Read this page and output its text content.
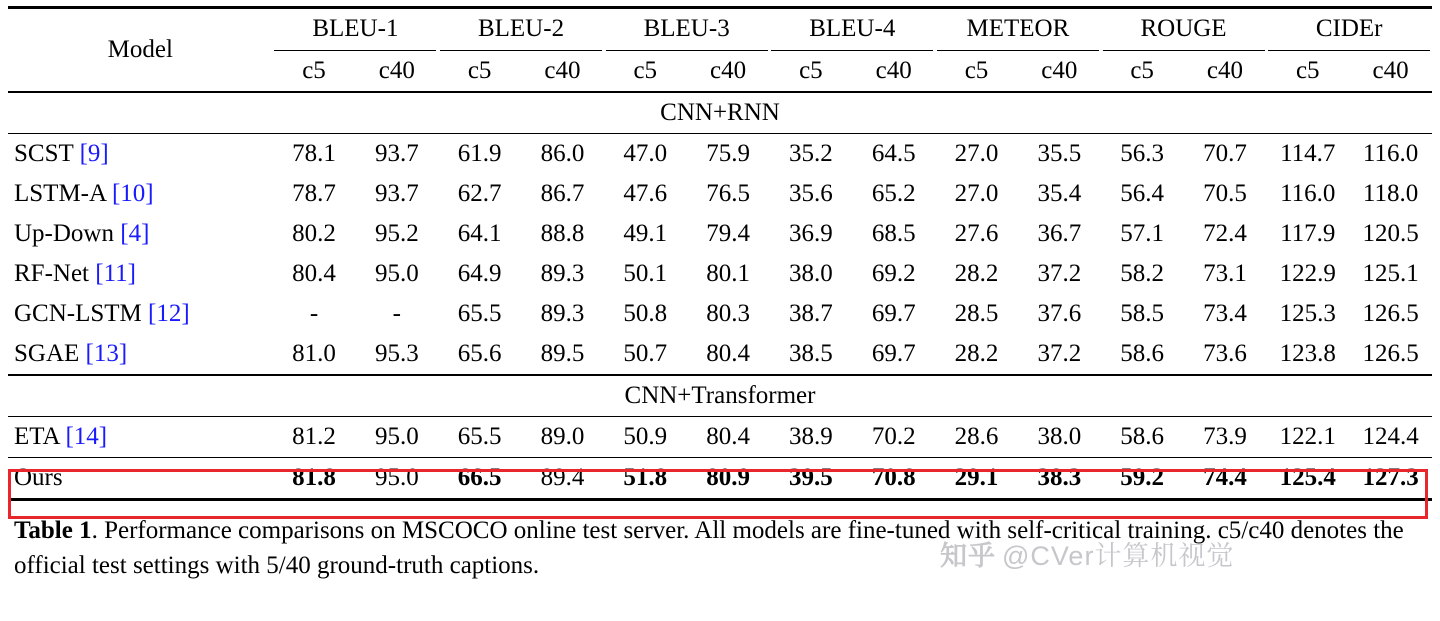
Model	BLEU-1		BLEU-2		BLEU-3		BLEU-4		METEOR		ROUGE		CIDEr	
	c5	c40	c5	c40	c5	c40	c5	c40	c5	c40	c5	c40	c5	c40
CNN+RNN														
SCST [9]	78.1	93.7	61.9	86.0	47.0	75.9	35.2	64.5	27.0	35.5	56.3	70.7	114.7	116.0
LSTM-A [10]	78.7	93.7	62.7	86.7	47.6	76.5	35.6	65.2	27.0	35.4	56.4	70.5	116.0	118.0
Up-Down [4]	80.2	95.2	64.1	88.8	49.1	79.4	36.9	68.5	27.6	36.7	57.1	72.4	117.9	120.5
RF-Net [11]	80.4	95.0	64.9	89.3	50.1	80.1	38.0	69.2	28.2	37.2	58.2	73.1	122.9	125.1
GCN-LSTM [12]	-	-	65.5	89.3	50.8	80.3	38.7	69.7	28.5	37.6	58.5	73.4	125.3	126.5
SGAE [13]	81.0	95.3	65.6	89.5	50.7	80.4	38.5	69.7	28.2	37.2	58.6	73.6	123.8	126.5
CNN+Transformer														
ETA [14]	81.2	95.0	65.5	89.0	50.9	80.4	38.9	70.2	28.6	38.0	58.6	73.9	122.1	124.4
Ours	81.8	95.0	66.5	89.4	51.8	80.9	39.5	70.8	29.1	38.3	59.2	74.4	125.4	127.3

Table 1. Performance comparisons on MSCOCO online test server. All models are fine-tuned with self-critical training. c5/c40 denotes the official test settings with 5/40 ground-truth captions.	知乎 @CVer计算机视觉
